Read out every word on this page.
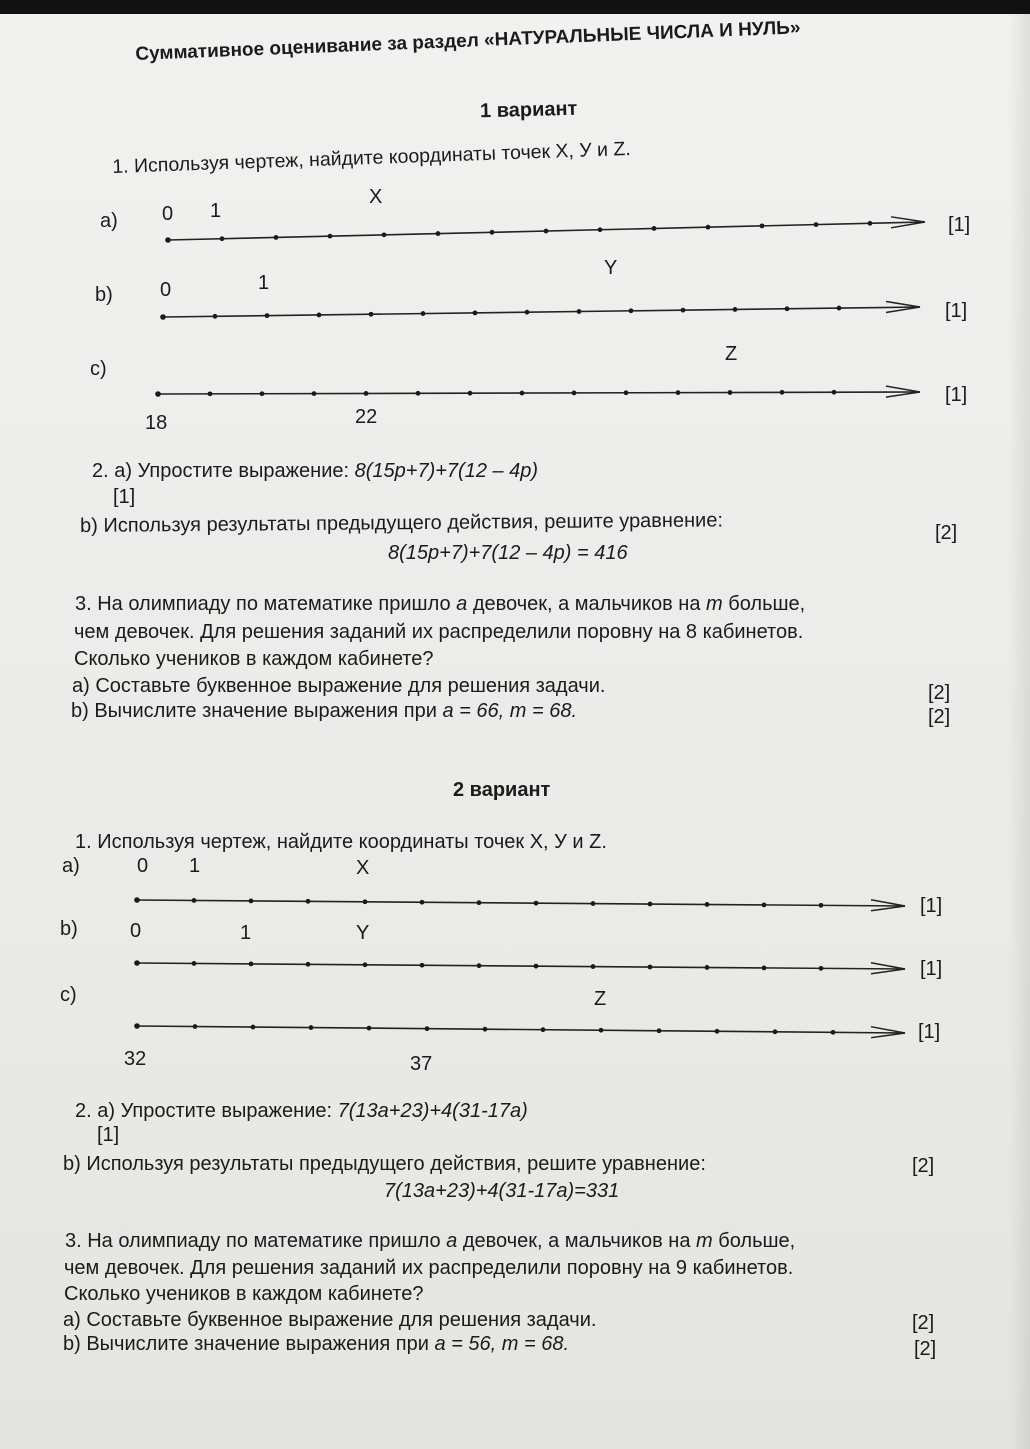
Суммативное оценивание за раздел «НАТУРАЛЬНЫЕ ЧИСЛА И НУЛЬ»
1 вариант
1. Используя чертеж, найдите координаты точек X, У и Z.
a) 0 1
X
[1]
b) 0	1
Y
[1]
c)
Z
18	22
[1]
2. а) Упростите выражение: 8(15p+7)+7(12 – 4p)
[1]
b) Используя результаты предыдущего действия, решите уравнение:	[2]
8(15p+7)+7(12 – 4p) = 416
3. На олимпиаду по математике пришло a девочек, а мальчиков на m больше,
чем девочек. Для решения заданий их распределили поровну на 8 кабинетов.
Сколько учеников в каждом кабинете?
а) Составьте буквенное выражение для решения задачи.	[2]
b) Вычислите значение выражения при a = 66, m = 68.	[2]
2 вариант
1. Используя чертеж, найдите координаты точек X, У и Z.
a)	0 1	X
[1]
b)	0	1	Y
[1]
c)	Z
32	37
[1]
2. а) Упростите выражение: 7(13a+23)+4(31-17a)
[1]
b) Используя результаты предыдущего действия, решите уравнение:	[2]
7(13a+23)+4(31-17a)=331
3. На олимпиаду по математике пришло a девочек, а мальчиков на m больше,
чем девочек. Для решения заданий их распределили поровну на 9 кабинетов.
Сколько учеников в каждом кабинете?
а) Составьте буквенное выражение для решения задачи.	[2]
b) Вычислите значение выражения при a = 56, m = 68.	[2]
